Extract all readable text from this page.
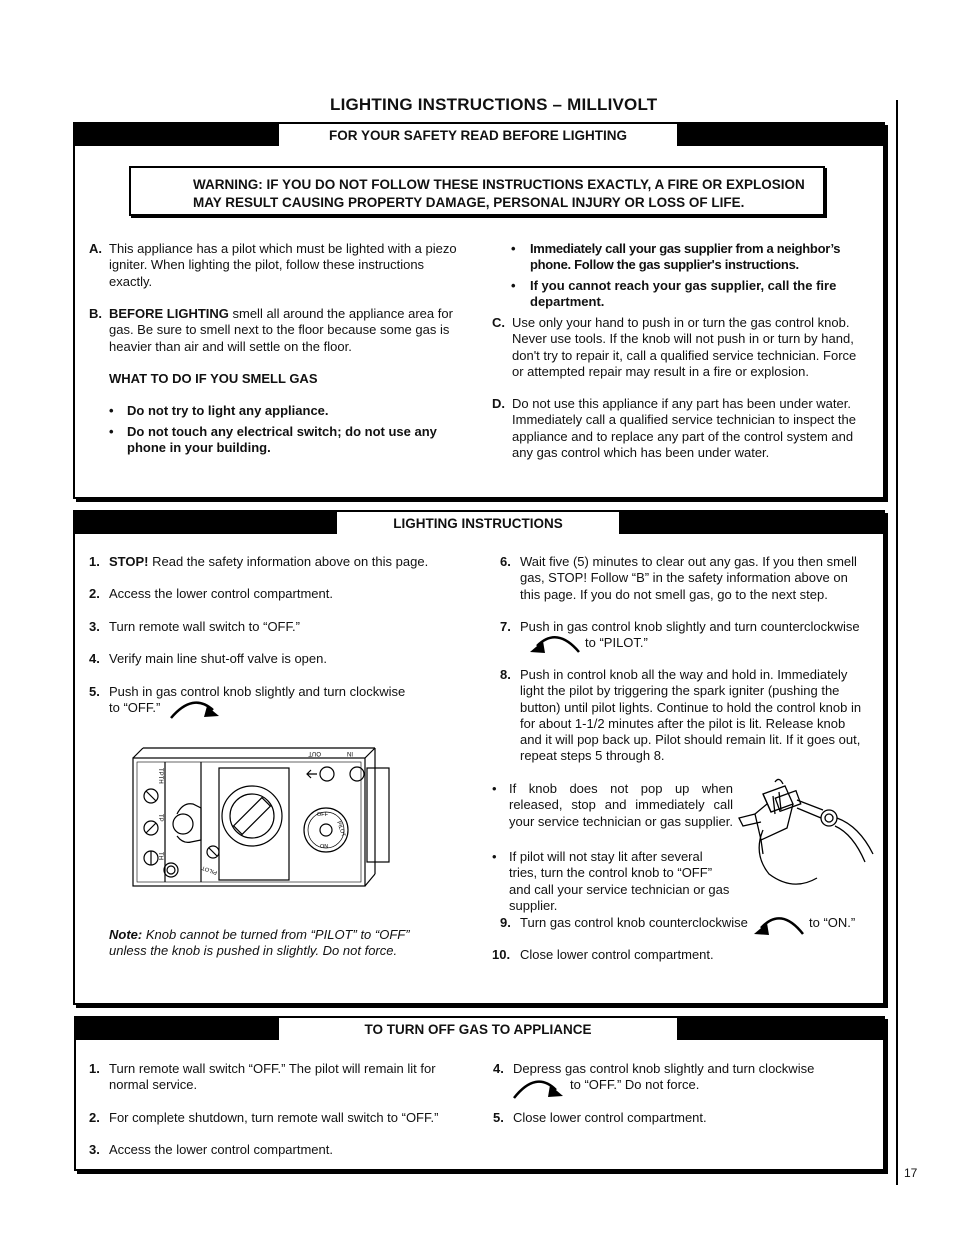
LIGHTING INSTRUCTIONS – MILLIVOLT
17
FOR YOUR SAFETY READ BEFORE LIGHTING
WARNING: IF YOU DO NOT FOLLOW THESE INSTRUCTIONS EXACTLY, A FIRE OR EXPLOSION
MAY RESULT CAUSING PROPERTY DAMAGE, PERSONAL INJURY OR LOSS OF LIFE.
A. This appliance has a pilot which must be lighted with a piezo igniter. When lighting the pilot, follow these instructions exactly.
B. BEFORE LIGHTING smell all around the appliance area for gas. Be sure to smell next to the floor because some gas is heavier than air and will settle on the floor.
WHAT TO DO IF YOU SMELL GAS
• Do not try to light any appliance.
• Do not touch any electrical switch; do not use any phone in your building.
• Immediately call your gas supplier from a neighbor’s phone. Follow the gas supplier's instructions.
• If you cannot reach your gas supplier, call the fire department.
C. Use only your hand to push in or turn the gas control knob. Never use tools. If the knob will not push in or turn by hand, don't try to repair it, call a qualified service technician. Force or attempted repair may result in a fire or explosion.
D. Do not use this appliance if any part has been under water. Immediately call a qualified service technician to inspect the appliance and to replace any part of the control system and any gas control which has been under water.
LIGHTING INSTRUCTIONS
1. STOP! Read the safety information above on this page.
2. Access the lower control compartment.
3. Turn remote wall switch to “OFF.”
4. Verify main line shut-off valve is open.
5. Push in gas control knob slightly and turn clockwise
to “OFF.”
TPTH
TP
TH
OUT	IN
OFF
PILOT
ON
PILOT
Note: Knob cannot be turned from “PILOT” to “OFF” unless the knob is pushed in slightly. Do not force.
6. Wait five (5) minutes to clear out any gas. If you then smell gas, STOP! Follow “B” in the safety information above on this page. If you do not smell gas, go to the next step.
7. Push in gas control knob slightly and turn counterclockwise
to “PILOT.”
8. Push in control knob all the way and hold in. Immediately light the pilot by triggering the spark igniter (pushing the button) until pilot lights. Continue to hold the control knob in for about 1-1/2 minutes after the pilot is lit. Release knob and it will pop back up. Pilot should remain lit. If it goes out, repeat steps 5 through 8.
• If knob does not pop up when released, stop and immediately call your service technician or gas supplier.
• If pilot will not stay lit after several tries, turn the control knob to “OFF” and call your service technician or gas supplier.
9. Turn gas control knob counterclockwise	to “ON.”
10. Close lower control compartment.
TO TURN OFF GAS TO APPLIANCE
1. Turn remote wall switch “OFF.” The pilot will remain lit for normal service.
2. For complete shutdown, turn remote wall switch to “OFF.”
3. Access the lower control compartment.
4. Depress gas control knob slightly and turn clockwise
to “OFF.” Do not force.
5. Close lower control compartment.
